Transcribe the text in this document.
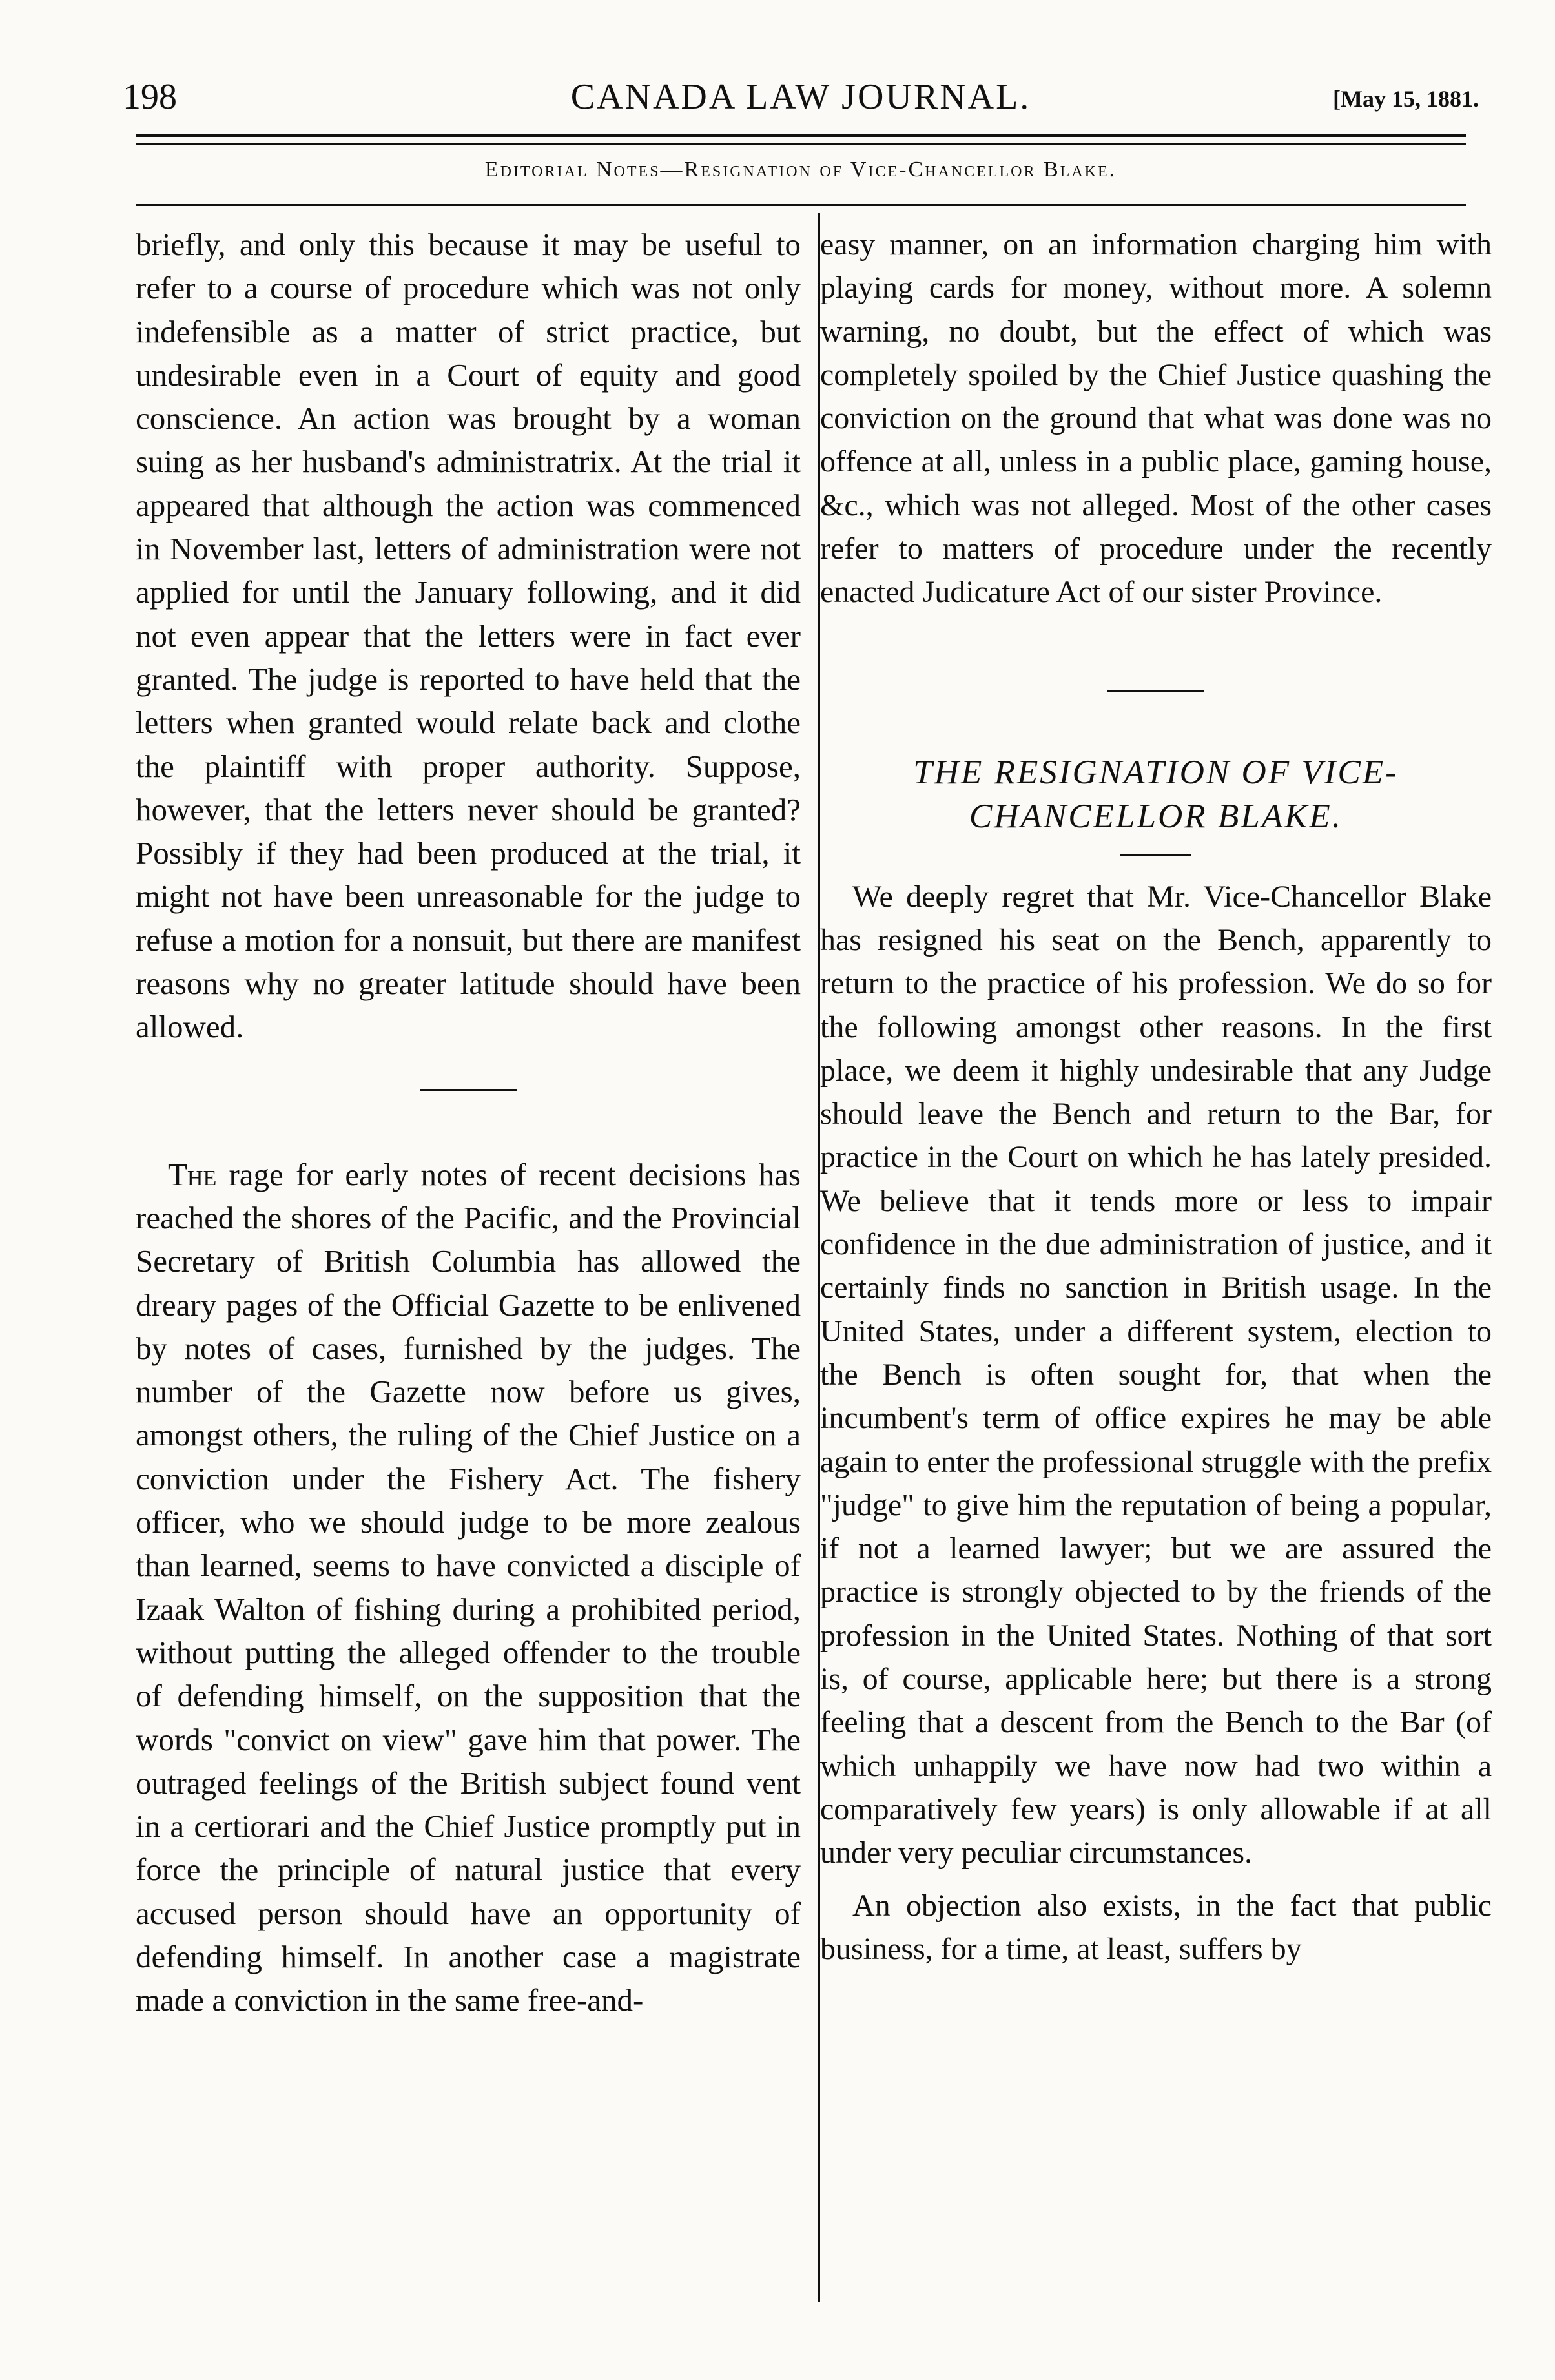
198	CANADA LAW JOURNAL.	[May 15, 1881.
Editorial Notes—Resignation of Vice-Chancellor Blake.

briefly, and only this because it may be useful to refer to a course of procedure which was not only indefensible as a matter of strict practice, but undesirable even in a Court of equity and good conscience. An action was brought by a woman suing as her husband's administratrix. At the trial it appeared that although the action was commenced in November last, letters of administration were not applied for until the January following, and it did not even appear that the letters were in fact ever granted. The judge is reported to have held that the letters when granted would relate back and clothe the plaintiff with proper authority. Suppose, however, that the letters never should be granted? Possibly if they had been produced at the trial, it might not have been unreasonable for the judge to refuse a motion for a nonsuit, but there are manifest reasons why no greater latitude should have been allowed.

The rage for early notes of recent decisions has reached the shores of the Pacific, and the Provincial Secretary of British Columbia has allowed the dreary pages of the Official Gazette to be enlivened by notes of cases, furnished by the judges. The number of the Gazette now before us gives, amongst others, the ruling of the Chief Justice on a conviction under the Fishery Act. The fishery officer, who we should judge to be more zealous than learned, seems to have convicted a disciple of Izaak Walton of fishing during a prohibited period, without putting the alleged offender to the trouble of defending himself, on the supposition that the words "convict on view" gave him that power. The outraged feelings of the British subject found vent in a certiorari and the Chief Justice promptly put in force the principle of natural justice that every accused person should have an opportunity of defending himself. In another case a magistrate made a conviction in the same free-and-

easy manner, on an information charging him with playing cards for money, without more. A solemn warning, no doubt, but the effect of which was completely spoiled by the Chief Justice quashing the conviction on the ground that what was done was no offence at all, unless in a public place, gaming house, &c., which was not alleged. Most of the other cases refer to matters of procedure under the recently enacted Judicature Act of our sister Province.

THE RESIGNATION OF VICE-

CHANCELLOR BLAKE.

We deeply regret that Mr. Vice-Chancellor Blake has resigned his seat on the Bench, apparently to return to the practice of his profession. We do so for the following amongst other reasons. In the first place, we deem it highly undesirable that any Judge should leave the Bench and return to the Bar, for practice in the Court on which he has lately presided. We believe that it tends more or less to impair confidence in the due administration of justice, and it certainly finds no sanction in British usage. In the United States, under a different system, election to the Bench is often sought for, that when the incumbent's term of office expires he may be able again to enter the professional struggle with the prefix "judge" to give him the reputation of being a popular, if not a learned lawyer; but we are assured the practice is strongly objected to by the friends of the profession in the United States. Nothing of that sort is, of course, applicable here; but there is a strong feeling that a descent from the Bench to the Bar (of which unhappily we have now had two within a comparatively few years) is only allowable if at all under very peculiar circumstances.

An objection also exists, in the fact that public business, for a time, at least, suffers by
